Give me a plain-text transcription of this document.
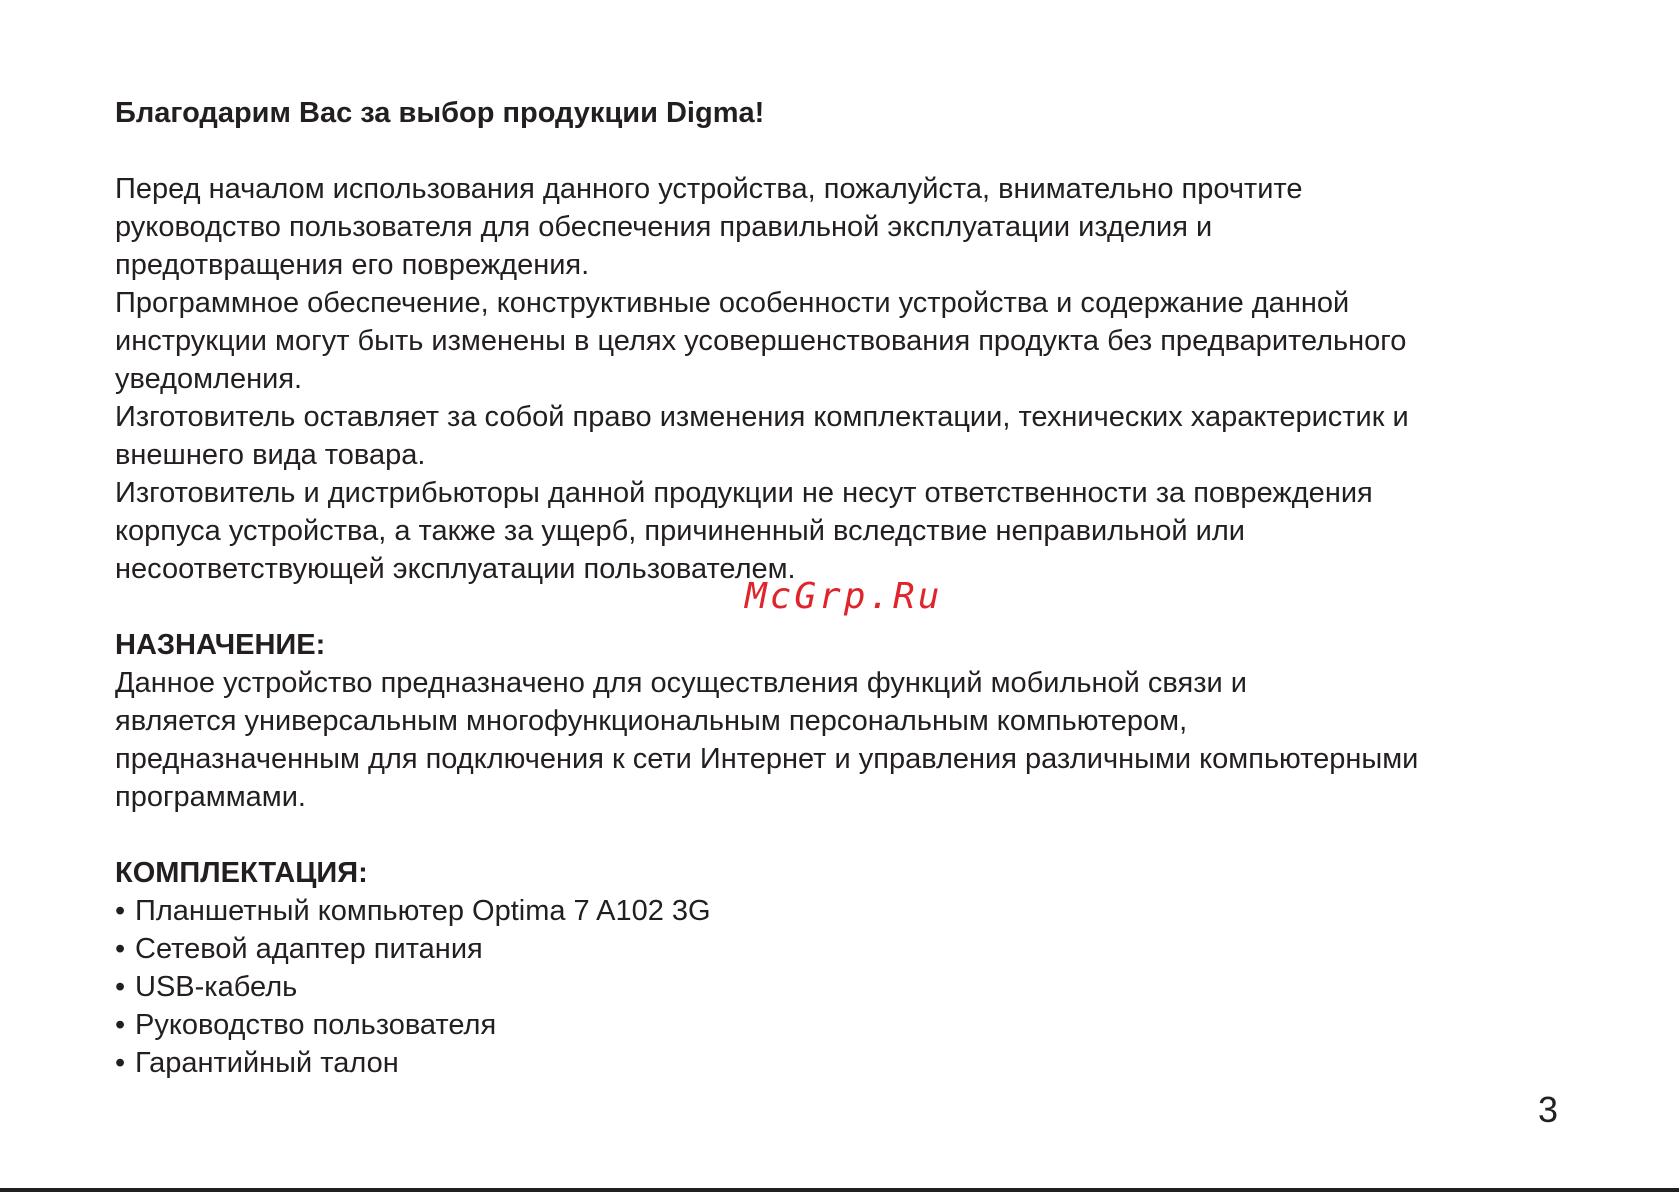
Благодарим Вас за выбор продукции Digma!

Перед началом использования данного устройства, пожалуйста, внимательно прочтите
руководство пользователя для обеспечения правильной эксплуатации изделия и
предотвращения его повреждения.
Программное обеспечение, конструктивные особенности устройства и содержание данной
инструкции могут быть изменены в целях усовершенствования продукта без предварительного
уведомления.
Изготовитель оставляет за собой право изменения комплектации, технических характеристик и
внешнего вида товара.
Изготовитель и дистрибьюторы данной продукции не несут ответственности за повреждения
корпуса устройства, а также за ущерб, причиненный вследствие неправильной или
несоответствующей эксплуатации пользователем.

НАЗНАЧЕНИЕ:

Данное устройство предназначено для осуществления функций мобильной связи и
является универсальным многофункциональным персональным компьютером,
предназначенным для подключения к сети Интернет и управления различными компьютерными
программами.

КОМПЛЕКТАЦИЯ:
• Планшетный компьютер Optima 7 A102 3G
• Сетевой адаптер питания
• USB-кабель
• Руководство пользователя
• Гарантийный талон
McGrp.Ru
3
